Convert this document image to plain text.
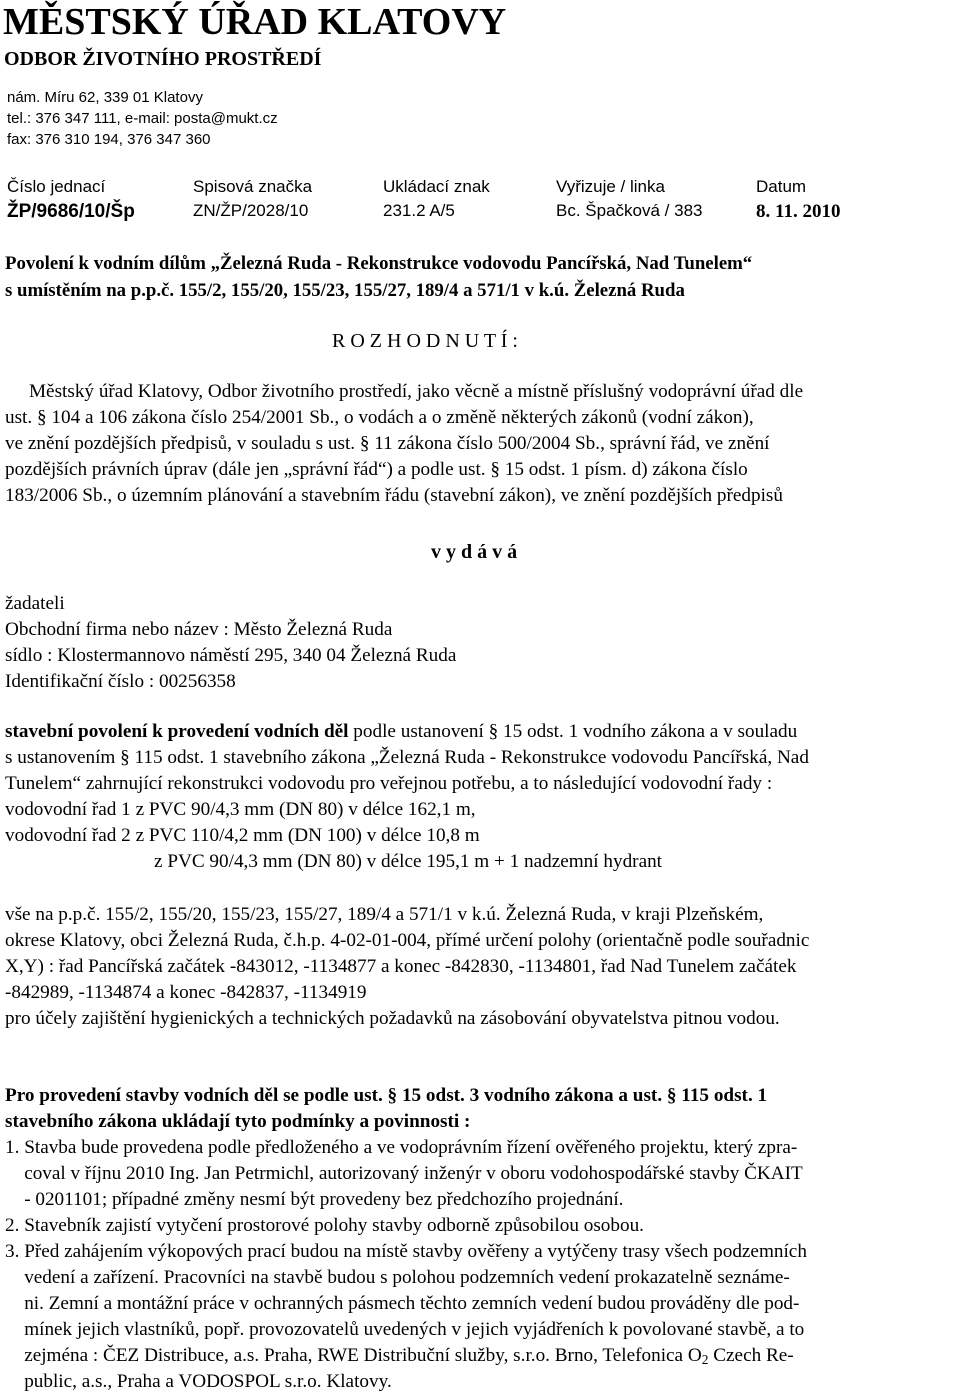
MĚSTSKÝ ÚŘAD KLATOVY
ODBOR ŽIVOTNÍHO PROSTŘEDÍ
nám. Míru 62, 339 01 Klatovy
tel.: 376 347 111, e-mail: posta@mukt.cz
fax: 376 310 194, 376 347 360
Číslo jednací	Spisová značka	Ukládací znak	Vyřizuje / linka	Datum
ŽP/9686/10/Šp	ZN/ŽP/2028/10	231.2 A/5	Bc. Špačková / 383	8. 11. 2010
Povolení k vodním dílům „Železná Ruda - Rekonstrukce vodovodu Pancířská, Nad Tunelem“
s umístěním na p.p.č. 155/2, 155/20, 155/23, 155/27, 189/4 a 571/1 v k.ú. Železná Ruda
R O Z H O D N U T Í :
Městský úřad Klatovy, Odbor životního prostředí, jako věcně a místně příslušný vodoprávní úřad dle
ust. § 104 a 106 zákona číslo 254/2001 Sb., o vodách a o změně některých zákonů (vodní zákon),
ve znění pozdějších předpisů, v souladu s ust. § 11 zákona číslo 500/2004 Sb., správní řád, ve znění
pozdějších právních úprav (dále jen „správní řád“) a podle ust. § 15 odst. 1 písm. d) zákona číslo
183/2006 Sb., o územním plánování a stavebním řádu (stavební zákon), ve znění pozdějších předpisů
v y d á v á
žadateli
Obchodní firma nebo název : Město Železná Ruda
sídlo : Klostermannovo náměstí 295, 340 04 Železná Ruda
Identifikační číslo : 00256358
stavební povolení k provedení vodních děl podle ustanovení § 15 odst. 1 vodního zákona a v souladu
s ustanovením § 115 odst. 1 stavebního zákona „Železná Ruda - Rekonstrukce vodovodu Pancířská, Nad
Tunelem“ zahrnující rekonstrukci vodovodu pro veřejnou potřebu, a to následující vodovodní řady :
vodovodní řad 1 z PVC 90/4,3 mm (DN 80) v délce 162,1 m,
vodovodní řad 2 z PVC 110/4,2 mm (DN 100) v délce 10,8 m
z PVC 90/4,3 mm (DN 80) v délce 195,1 m + 1 nadzemní hydrant
vše na p.p.č. 155/2, 155/20, 155/23, 155/27, 189/4 a 571/1 v k.ú. Železná Ruda, v kraji Plzeňském,
okrese Klatovy, obci Železná Ruda, č.h.p. 4-02-01-004, přímé určení polohy (orientačně podle souřadnic
X,Y) : řad Pancířská začátek -843012, -1134877 a konec -842830, -1134801, řad Nad Tunelem začátek
-842989, -1134874 a konec -842837, -1134919
pro účely zajištění hygienických a technických požadavků na zásobování obyvatelstva pitnou vodou.
Pro provedení stavby vodních děl se podle ust. § 15 odst. 3 vodního zákona a ust. § 115 odst. 1
stavebního zákona ukládají tyto podmínky a povinnosti :
1. Stavba bude provedena podle předloženého a ve vodoprávním řízení ověřeného projektu, který zpra-
coval v říjnu 2010 Ing. Jan Petrmichl, autorizovaný inženýr v oboru vodohospodářské stavby ČKAIT
- 0201101; případné změny nesmí být provedeny bez předchozího projednání.
2. Stavebník zajistí vytyčení prostorové polohy stavby odborně způsobilou osobou.
3. Před zahájením výkopových prací budou na místě stavby ověřeny a vytýčeny trasy všech podzemních
vedení a zařízení. Pracovníci na stavbě budou s polohou podzemních vedení prokazatelně seznáme-
ni. Zemní a montážní práce v ochranných pásmech těchto zemních vedení budou prováděny dle pod-
mínek jejich vlastníků, popř. provozovatelů uvedených v jejich vyjádřeních k povolované stavbě, a to
zejména : ČEZ Distribuce, a.s. Praha, RWE Distribuční služby, s.r.o. Brno, Telefonica $O_2$ Czech Re-
public, a.s., Praha a VODOSPOL s.r.o. Klatovy.
